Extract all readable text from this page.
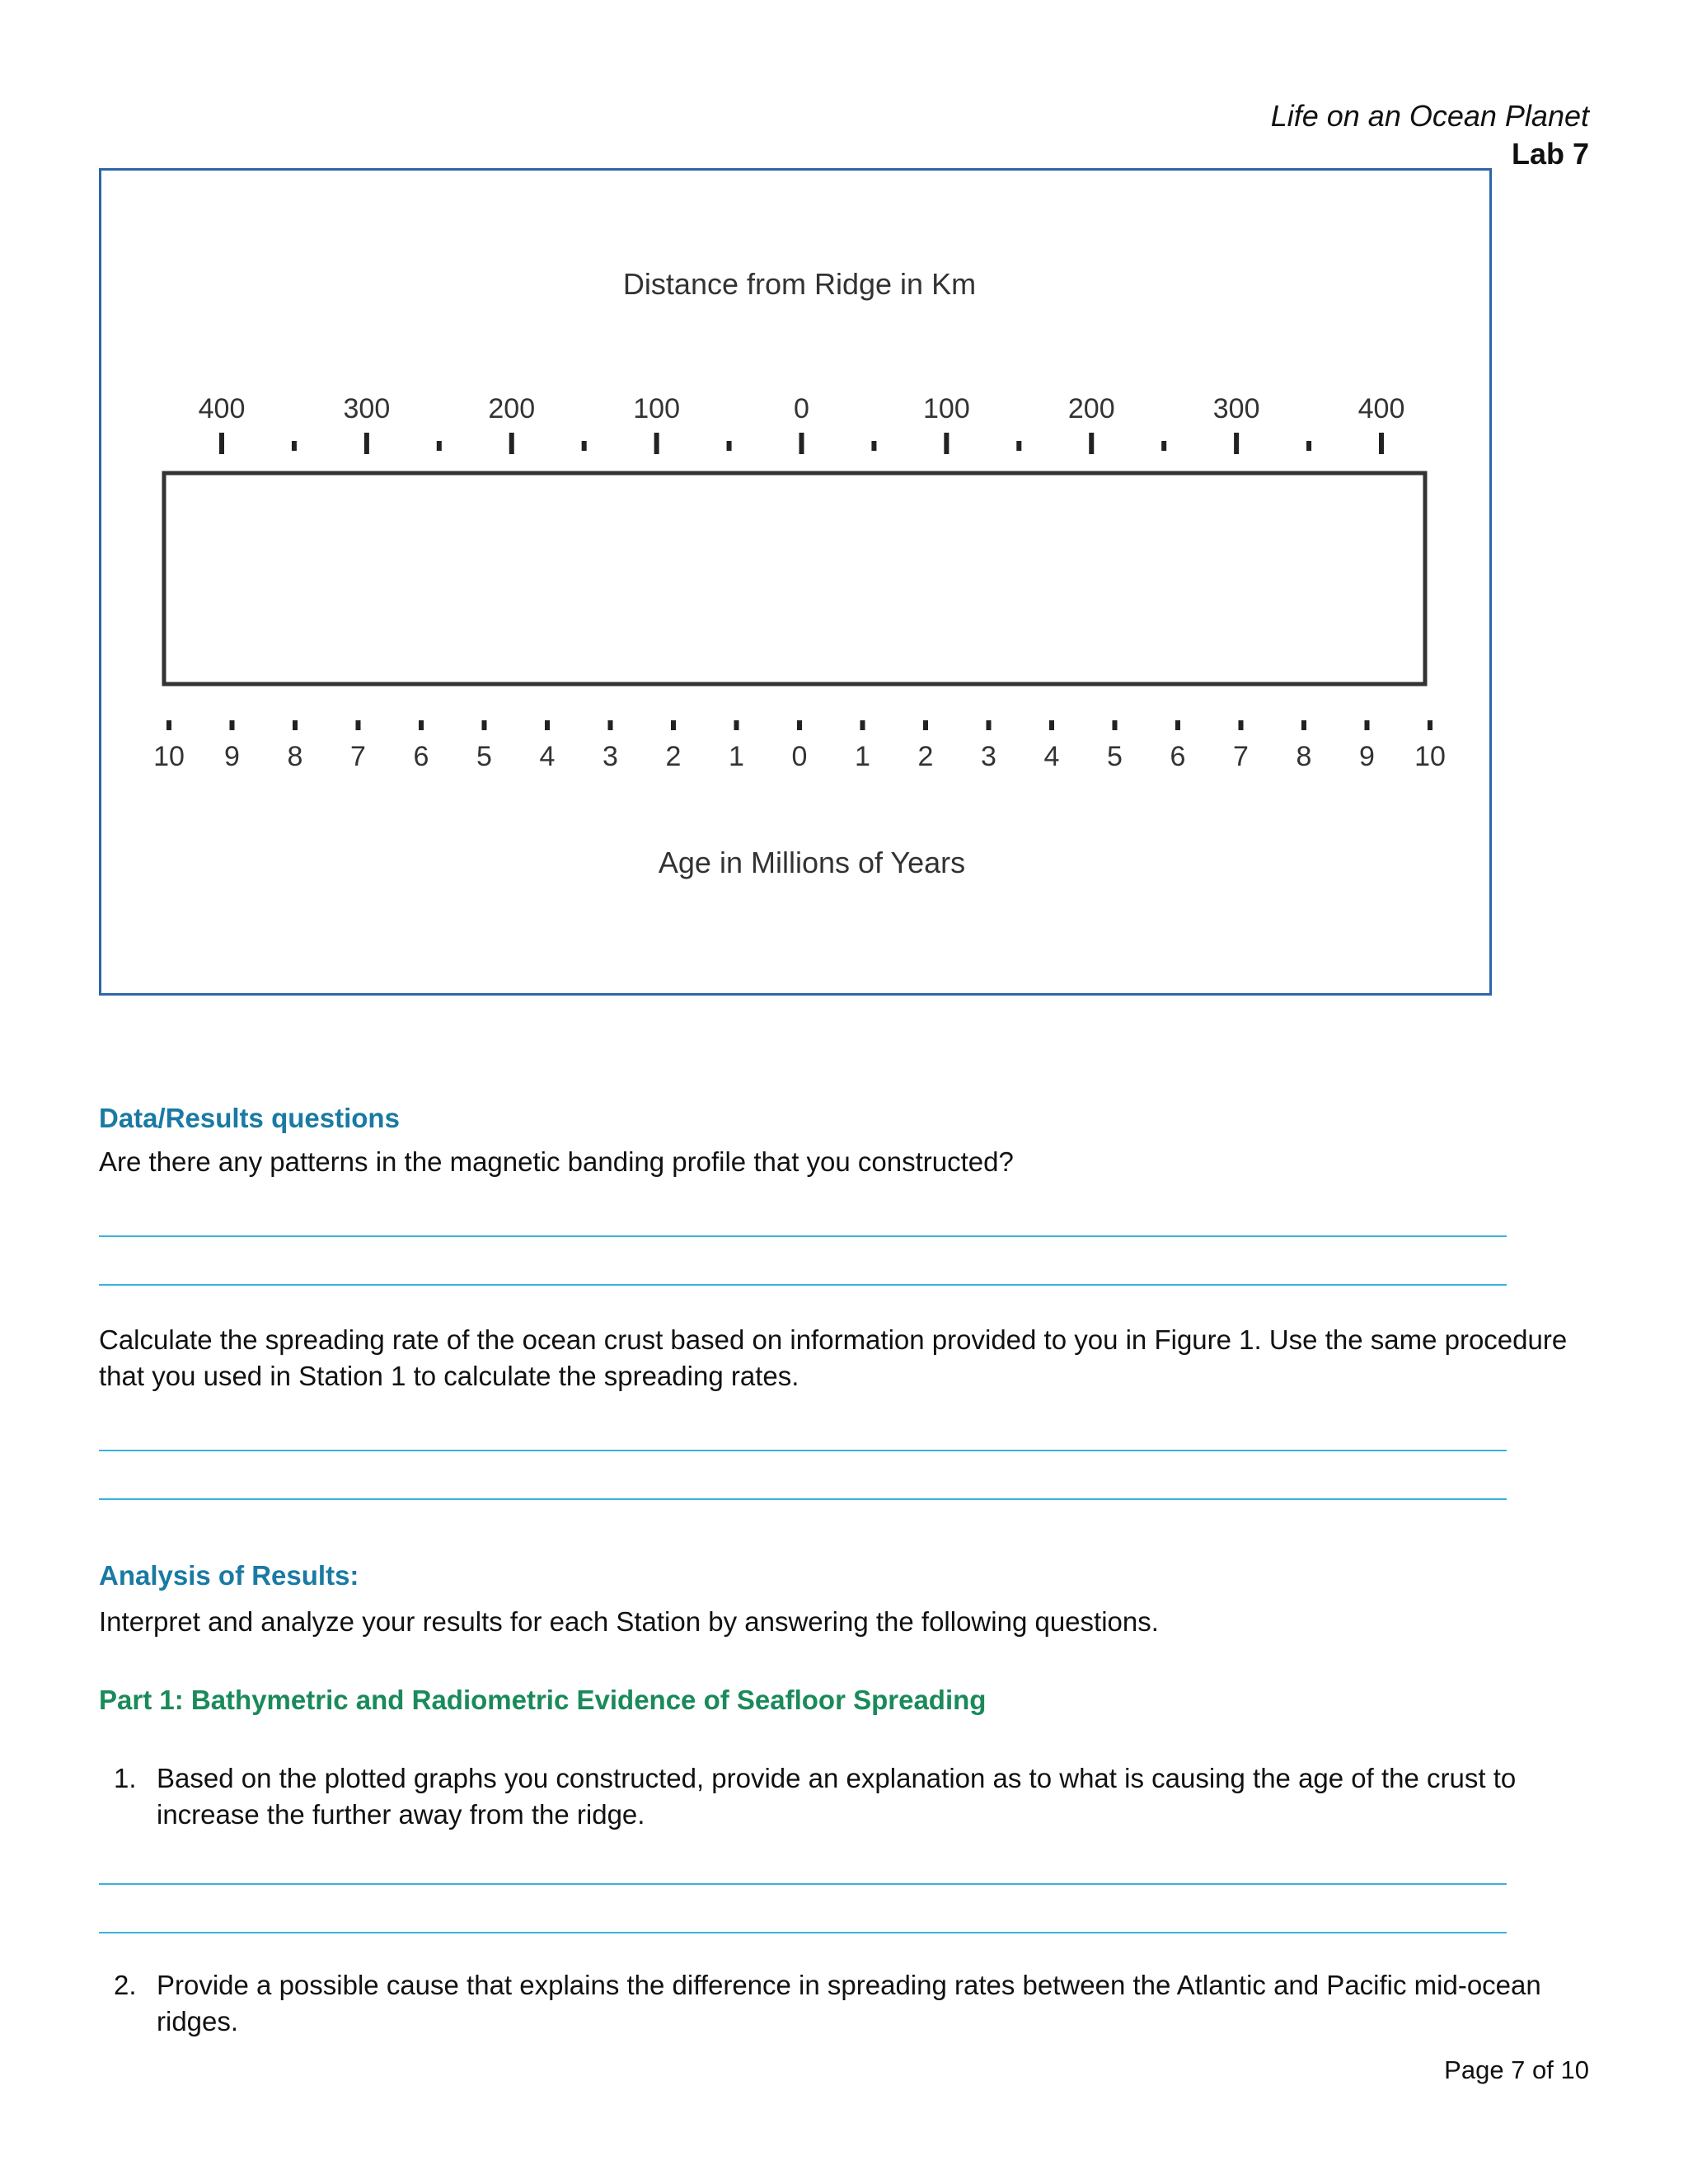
Life on an Ocean Planet
Lab 7
Distance from Ridge in Km
400	300	200	100	0	100	200	300	400
10 9 8 7 6 5 4 3 2 1 0 1 2 3 4 5 6 7 8 9 10
Age in Millions of Years
Data/Results questions
Are there any patterns in the magnetic banding profile that you constructed?
Calculate the spreading rate of the ocean crust based on information provided to you in Figure 1. Use the same procedure that you used in Station 1 to calculate the spreading rates.
Analysis of Results:
Interpret and analyze your results for each Station by answering the following questions.
Part 1: Bathymetric and Radiometric Evidence of Seafloor Spreading
1. Based on the plotted graphs you constructed, provide an explanation as to what is causing the age of the crust to increase the further away from the ridge.
2. Provide a possible cause that explains the difference in spreading rates between the Atlantic and Pacific mid-ocean ridges.
Page 7 of 10
